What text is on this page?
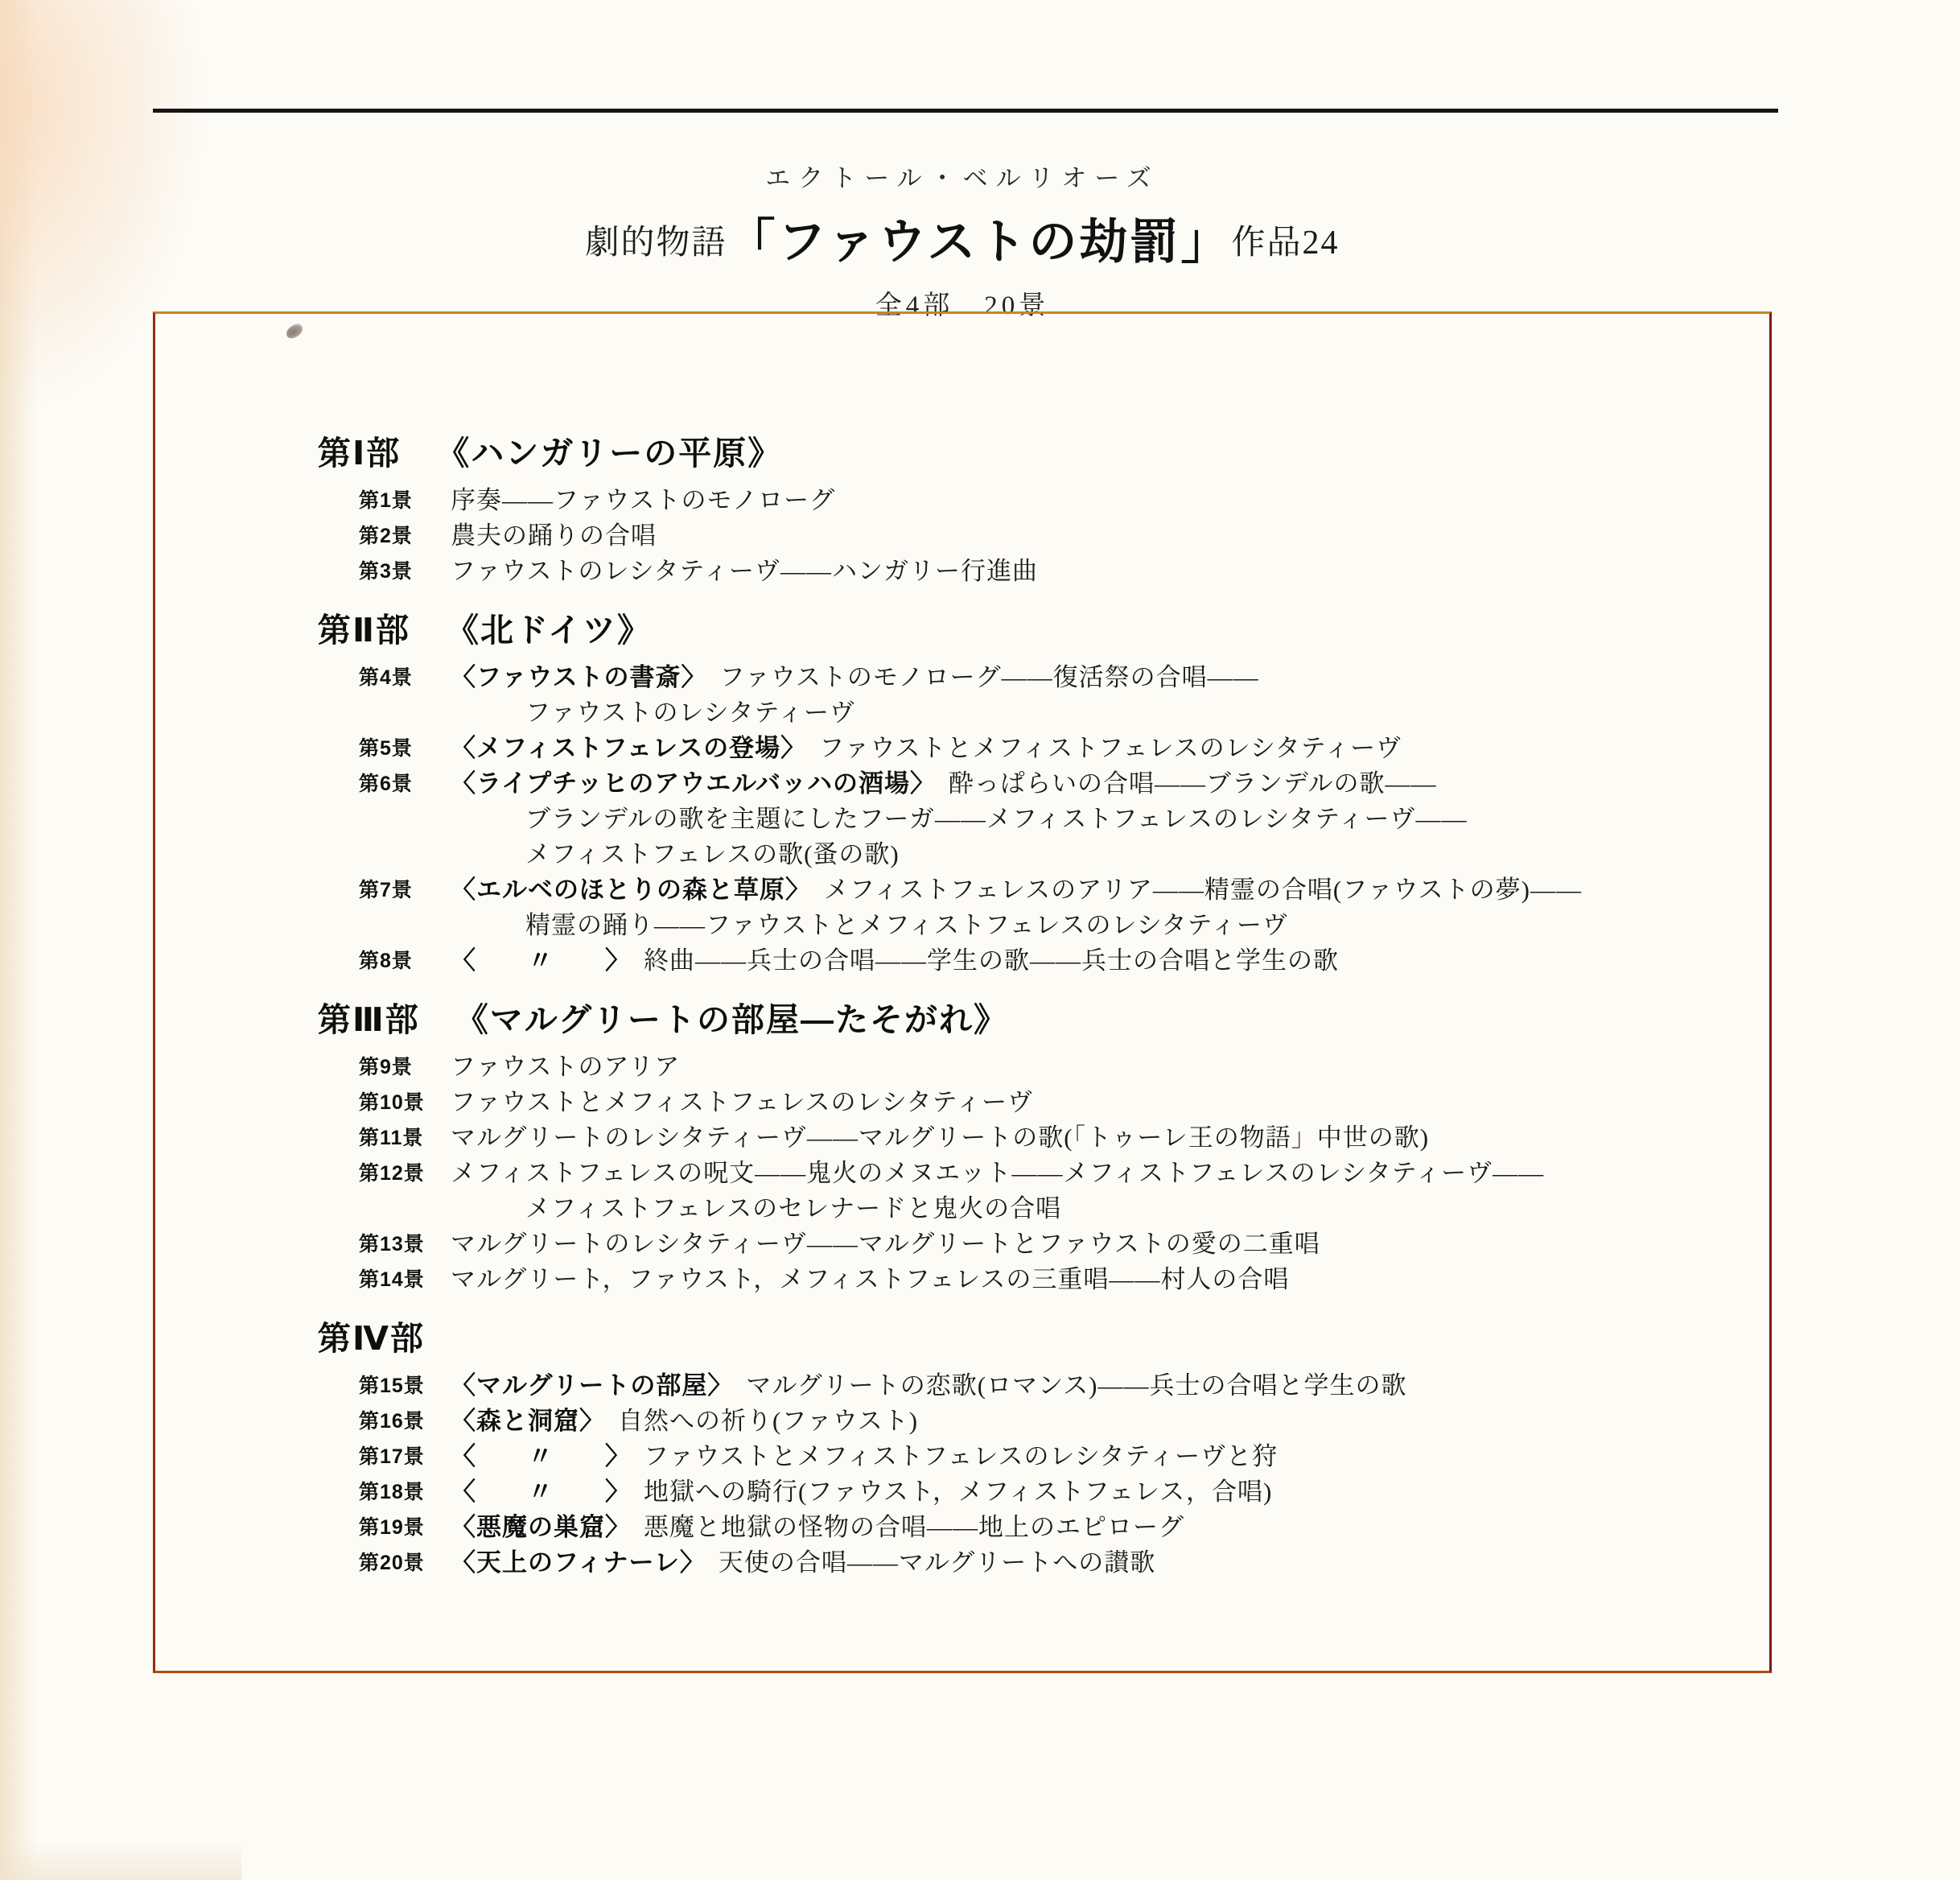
エクトール・ベルリオーズ
劇的物語「ファウストの劫罰」作品24
全4部　20景
第Ⅰ部 《ハンガリーの平原》
第1景	序奏——ファウストのモノローグ
第2景	農夫の踊りの合唱
第3景	ファウストのレシタティーヴ——ハンガリー行進曲
第Ⅱ部 《北ドイツ》
第4景	〈ファウストの書斎〉 ファウストのモノローグ——復活祭の合唱——
ファウストのレシタティーヴ
第5景	〈メフィストフェレスの登場〉 ファウストとメフィストフェレスのレシタティーヴ
第6景	〈ライプチッヒのアウエルバッハの酒場〉 酔っぱらいの合唱——ブランデルの歌——
ブランデルの歌を主題にしたフーガ——メフィストフェレスのレシタティーヴ——
メフィストフェレスの歌(蚤の歌)
第7景	〈エルベのほとりの森と草原〉 メフィストフェレスのアリア——精霊の合唱(ファウストの夢)——
精霊の踊り——ファウストとメフィストフェレスのレシタティーヴ
第8景	〈　　〃　　〉 終曲——兵士の合唱——学生の歌——兵士の合唱と学生の歌
第Ⅲ部 《マルグリートの部屋—たそがれ》
第9景	ファウストのアリア
第10景	ファウストとメフィストフェレスのレシタティーヴ
第11景	マルグリートのレシタティーヴ——マルグリートの歌(「トゥーレ王の物語」中世の歌)
第12景	メフィストフェレスの呪文——鬼火のメヌエット——メフィストフェレスのレシタティーヴ——
メフィストフェレスのセレナードと鬼火の合唱
第13景	マルグリートのレシタティーヴ——マルグリートとファウストの愛の二重唱
第14景	マルグリート，ファウスト，メフィストフェレスの三重唱——村人の合唱
第Ⅳ部
第15景	〈マルグリートの部屋〉 マルグリートの恋歌(ロマンス)——兵士の合唱と学生の歌
第16景	〈森と洞窟〉 自然への祈り(ファウスト)
第17景	〈　　〃　　〉 ファウストとメフィストフェレスのレシタティーヴと狩
第18景	〈　　〃　　〉 地獄への騎行(ファウスト，メフィストフェレス，合唱)
第19景	〈悪魔の巣窟〉 悪魔と地獄の怪物の合唱——地上のエピローグ
第20景	〈天上のフィナーレ〉 天使の合唱——マルグリートへの讃歌
